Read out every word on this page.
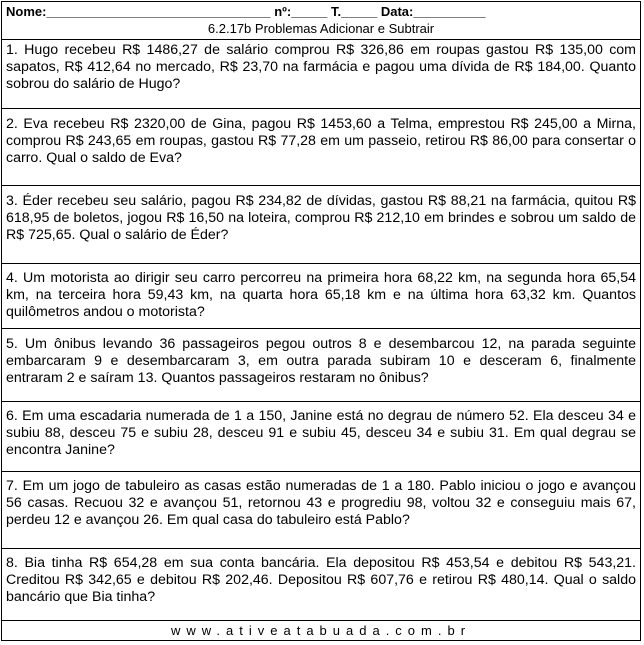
Nome:_______________________________ nº:_____ T._____ Data:__________
6.2.17b Problemas Adicionar e Subtrair
1. Hugo recebeu R$ 1486,27 de salário comprou R$ 326,86 em roupas gastou R$ 135,00 com sapatos, R$ 412,64 no mercado, R$ 23,70 na farmácia e pagou uma dívida de R$ 184,00. Quanto sobrou do salário de Hugo?
2. Eva recebeu R$ 2320,00 de Gina, pagou R$ 1453,60 a Telma, emprestou R$ 245,00 a Mirna, comprou R$ 243,65 em roupas, gastou R$ 77,28 em um passeio, retirou R$ 86,00 para consertar o carro. Qual o saldo de Eva?
3. Éder recebeu seu salário, pagou R$ 234,82 de dívidas, gastou R$ 88,21 na farmácia, quitou R$ 618,95 de boletos, jogou R$ 16,50 na loteira, comprou R$ 212,10 em brindes e sobrou um saldo de R$ 725,65. Qual o salário de Éder?
4. Um motorista ao dirigir seu carro percorreu na primeira hora 68,22 km, na segunda hora 65,54 km, na terceira hora 59,43 km, na quarta hora 65,18 km e na última hora 63,32 km. Quantos quilômetros andou o motorista?
5. Um ônibus levando 36 passageiros pegou outros 8 e desembarcou 12, na parada seguinte embarcaram 9 e desembarcaram 3, em outra parada subiram 10 e desceram 6, finalmente entraram 2 e saíram 13. Quantos passageiros restaram no ônibus?
6. Em uma escadaria numerada de 1 a 150, Janine está no degrau de número 52. Ela desceu 34 e subiu 88, desceu 75 e subiu 28, desceu 91 e subiu 45, desceu 34 e subiu 31. Em qual degrau se encontra Janine?
7. Em um jogo de tabuleiro as casas estão numeradas de 1 a 180. Pablo iniciou o jogo e avançou 56 casas. Recuou 32 e avançou 51, retornou 43 e progrediu 98, voltou 32 e conseguiu mais 67, perdeu 12 e avançou 26. Em qual casa do tabuleiro está Pablo?
8. Bia tinha R$ 654,28 em sua conta bancária. Ela depositou R$ 453,54 e debitou R$ 543,21. Creditou R$ 342,65 e debitou R$ 202,46. Depositou R$ 607,76 e retirou R$ 480,14. Qual o saldo bancário que Bia tinha?
www.ativeatabuada.com.br
